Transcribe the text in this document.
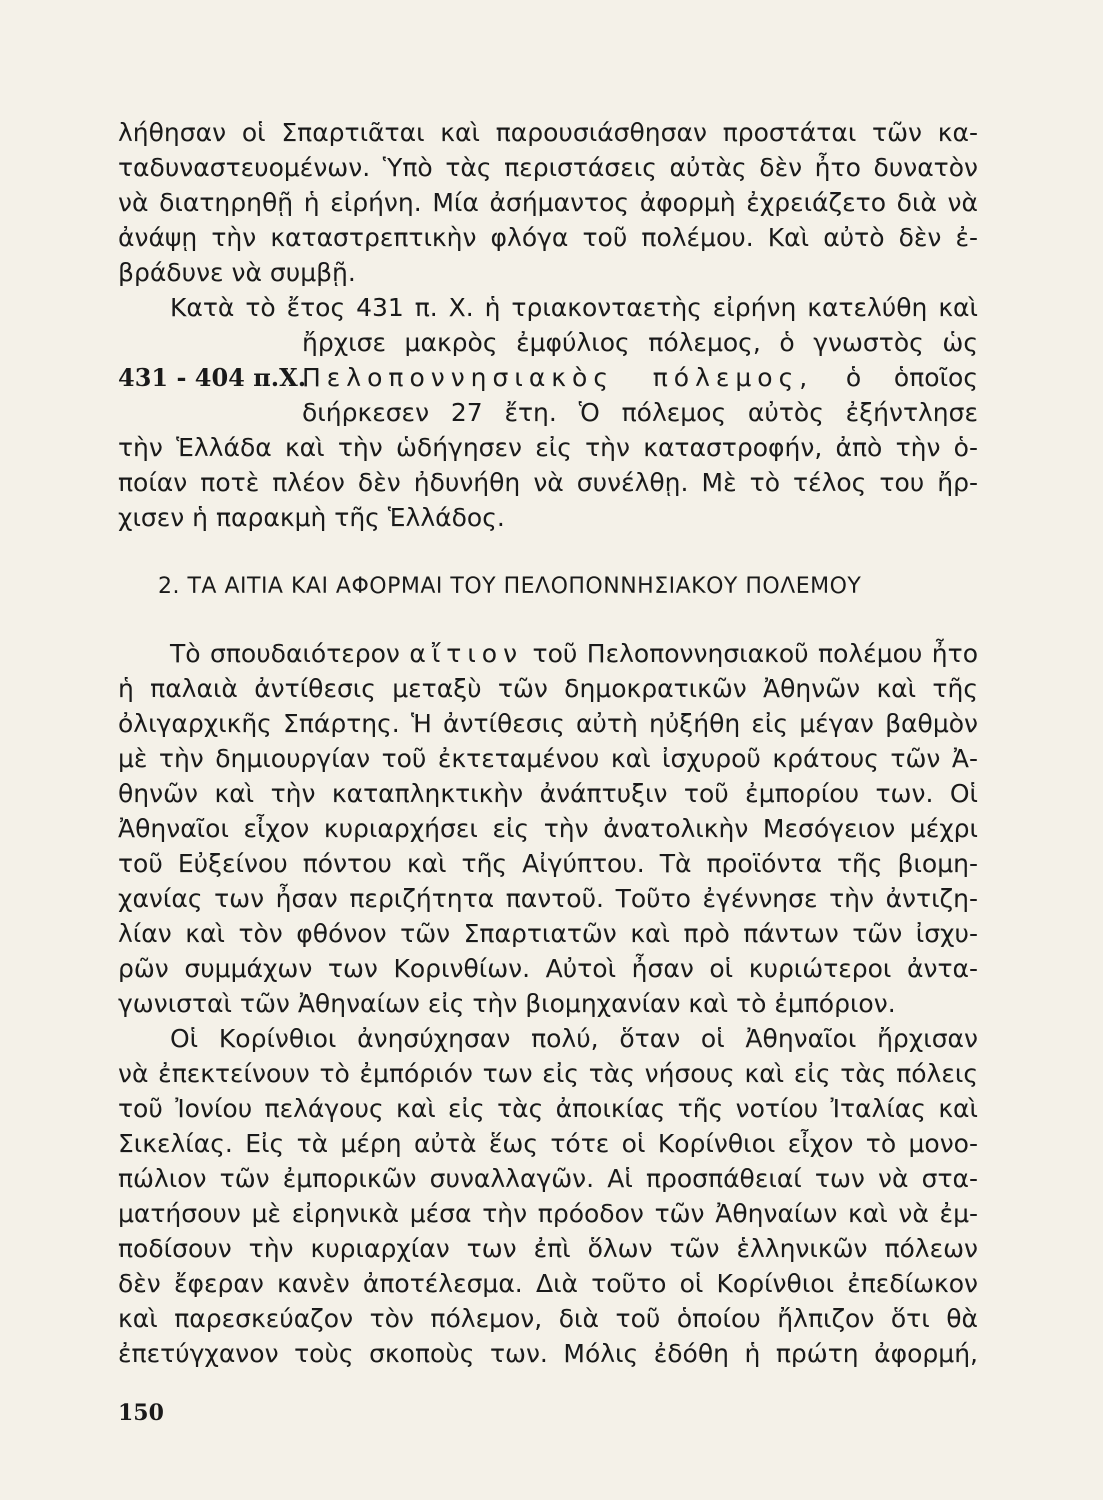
λήθησαν οἱ Σπαρτιᾶται καὶ παρουσιάσθησαν προστάται τῶν κα-
ταδυναστευομένων. Ὑπὸ τὰς περιστάσεις αὐτὰς δὲν ἦτο δυνατὸν
νὰ διατηρηθῇ ἡ εἰρήνη. Μία ἀσήμαντος ἀφορμὴ ἐχρειάζετο διὰ νὰ
ἀνάψῃ τὴν καταστρεπτικὴν φλόγα τοῦ πολέμου. Καὶ αὐτὸ δὲν ἐ-
βράδυνε νὰ συμβῇ.
Κατὰ τὸ ἔτος 431 π. Χ. ἡ τριακονταετὴς εἰρήνη κατελύθη καὶ
ἤρχισε μακρὸς ἐμφύλιος πόλεμος, ὁ γνωστὸς ὡς
431 - 404 π.Χ.
Πελοποννησιακὸς πόλεμος, ὁ ὁποῖος
διήρκεσεν 27 ἔτη. Ὁ πόλεμος αὐτὸς ἐξήντλησε
τὴν Ἑλλάδα καὶ τὴν ὡδήγησεν εἰς τὴν καταστροφήν, ἀπὸ τὴν ὁ-
ποίαν ποτὲ πλέον δὲν ἠδυνήθη νὰ συνέλθῃ. Μὲ τὸ τέλος του ἤρ-
χισεν ἡ παρακμὴ τῆς Ἑλλάδος.
2. ΤΑ ΑΙΤΙΑ ΚΑΙ ΑΦΟΡΜΑΙ ΤΟΥ ΠΕΛΟΠΟΝΝΗΣΙΑΚΟΥ ΠΟΛΕΜΟΥ
Τὸ σπουδαιότερον αἴτιον τοῦ Πελοποννησιακοῦ πολέμου ἦτο
ἡ παλαιὰ ἀντίθεσις μεταξὺ τῶν δημοκρατικῶν Ἀθηνῶν καὶ τῆς
ὀλιγαρχικῆς Σπάρτης. Ἡ ἀντίθεσις αὐτὴ ηὐξήθη εἰς μέγαν βαθμὸν
μὲ τὴν δημιουργίαν τοῦ ἐκτεταμένου καὶ ἰσχυροῦ κράτους τῶν Ἀ-
θηνῶν καὶ τὴν καταπληκτικὴν ἀνάπτυξιν τοῦ ἐμπορίου των. Οἱ
Ἀθηναῖοι εἶχον κυριαρχήσει εἰς τὴν ἀνατολικὴν Μεσόγειον μέχρι
τοῦ Εὐξείνου πόντου καὶ τῆς Αἰγύπτου. Τὰ προϊόντα τῆς βιομη-
χανίας των ἦσαν περιζήτητα παντοῦ. Τοῦτο ἐγέννησε τὴν ἀντιζη-
λίαν καὶ τὸν φθόνον τῶν Σπαρτιατῶν καὶ πρὸ πάντων τῶν ἰσχυ-
ρῶν συμμάχων των Κορινθίων. Αὐτοὶ ἦσαν οἱ κυριώτεροι ἀντα-
γωνισταὶ τῶν Ἀθηναίων εἰς τὴν βιομηχανίαν καὶ τὸ ἐμπόριον.
Οἱ Κορίνθιοι ἀνησύχησαν πολύ, ὅταν οἱ Ἀθηναῖοι ἤρχισαν
νὰ ἐπεκτείνουν τὸ ἐμπόριόν των εἰς τὰς νήσους καὶ εἰς τὰς πόλεις
τοῦ Ἰονίου πελάγους καὶ εἰς τὰς ἀποικίας τῆς νοτίου Ἰταλίας καὶ
Σικελίας. Εἰς τὰ μέρη αὐτὰ ἕως τότε οἱ Κορίνθιοι εἶχον τὸ μονο-
πώλιον τῶν ἐμπορικῶν συναλλαγῶν. Αἱ προσπάθειαί των νὰ στα-
ματήσουν μὲ εἰρηνικὰ μέσα τὴν πρόοδον τῶν Ἀθηναίων καὶ νὰ ἐμ-
ποδίσουν τὴν κυριαρχίαν των ἐπὶ ὅλων τῶν ἑλληνικῶν πόλεων
δὲν ἔφεραν κανὲν ἀποτέλεσμα. Διὰ τοῦτο οἱ Κορίνθιοι ἐπεδίωκον
καὶ παρεσκεύαζον τὸν πόλεμον, διὰ τοῦ ὁποίου ἤλπιζον ὅτι θὰ
ἐπετύγχανον τοὺς σκοποὺς των. Μόλις ἐδόθη ἡ πρώτη ἀφορμή,
150
